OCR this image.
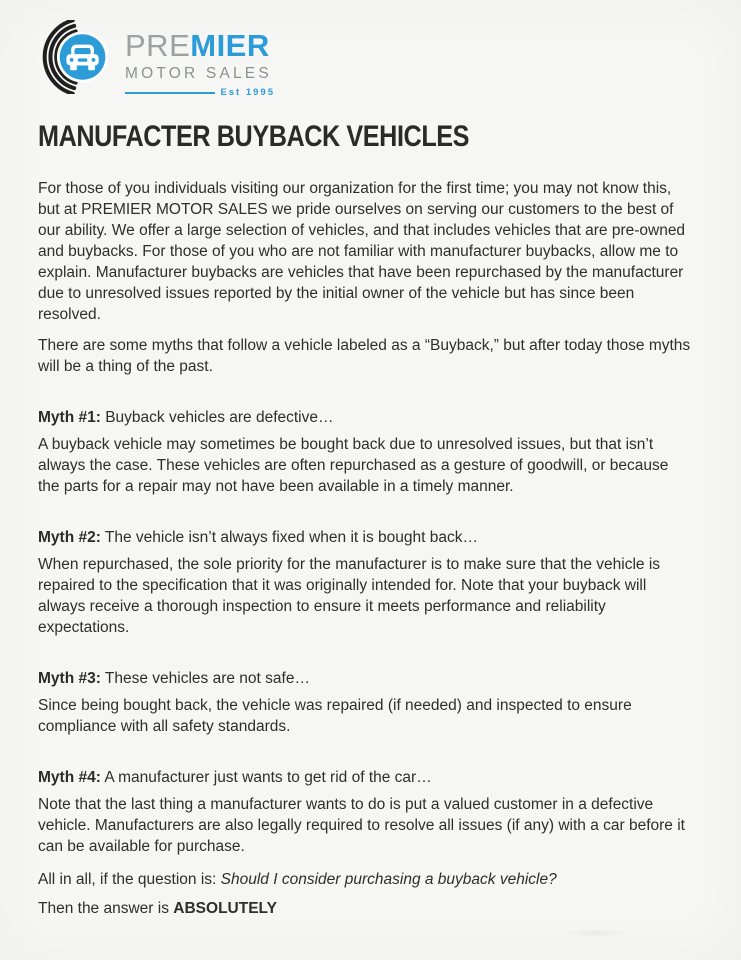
PREMIER
MOTOR SALES
Est 1995
MANUFACTER BUYBACK VEHICLES

For those of you individuals visiting our organization for the first time; you may not know this, but at PREMIER MOTOR SALES we pride ourselves on serving our customers to the best of our ability. We offer a large selection of vehicles, and that includes vehicles that are pre-owned and buybacks. For those of you who are not familiar with manufacturer buybacks, allow me to explain. Manufacturer buybacks are vehicles that have been repurchased by the manufacturer due to unresolved issues reported by the initial owner of the vehicle but has since been resolved.

There are some myths that follow a vehicle labeled as a “Buyback,” but after today those myths will be a thing of the past.

Myth #1: Buyback vehicles are defective…

A buyback vehicle may sometimes be bought back due to unresolved issues, but that isn’t always the case. These vehicles are often repurchased as a gesture of goodwill, or because the parts for a repair may not have been available in a timely manner.

Myth #2: The vehicle isn’t always fixed when it is bought back…

When repurchased, the sole priority for the manufacturer is to make sure that the vehicle is repaired to the specification that it was originally intended for. Note that your buyback will always receive a thorough inspection to ensure it meets performance and reliability expectations.

Myth #3: These vehicles are not safe…

Since being bought back, the vehicle was repaired (if needed) and inspected to ensure compliance with all safety standards.

Myth #4: A manufacturer just wants to get rid of the car…

Note that the last thing a manufacturer wants to do is put a valued customer in a defective vehicle. Manufacturers are also legally required to resolve all issues (if any) with a car before it can be available for purchase.

All in all, if the question is: Should I consider purchasing a buyback vehicle?

Then the answer is ABSOLUTELY
